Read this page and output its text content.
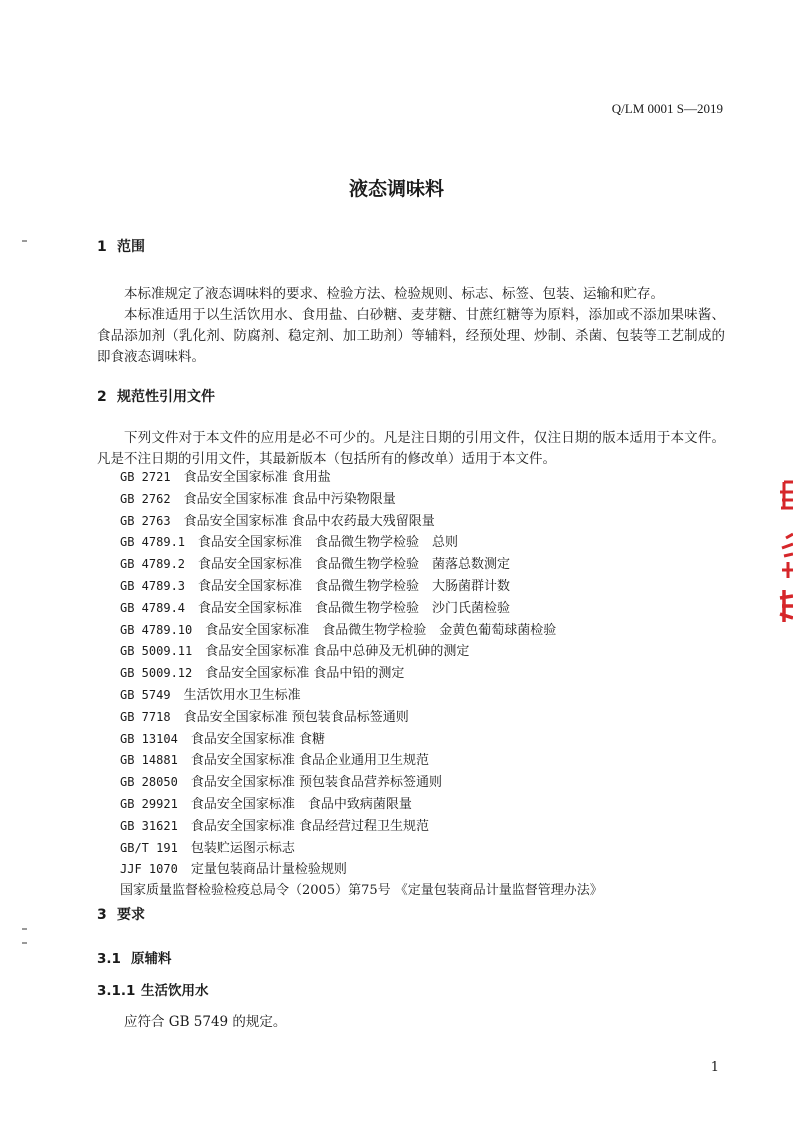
Q/LM 0001 S—2019
液态调味料
1 范围

本标准规定了液态调味料的要求、检验方法、检验规则、标志、标签、包装、运输和贮存。

本标准适用于以生活饮用水、食用盐、白砂糖、麦芽糖、甘蔗红糖等为原料，添加或不添加果味酱、食品添加剂（乳化剂、防腐剂、稳定剂、加工助剂）等辅料，经预处理、炒制、杀菌、包装等工艺制成的即食液态调味料。

2 规范性引用文件

下列文件对于本文件的应用是必不可少的。凡是注日期的引用文件，仅注日期的版本适用于本文件。凡是不注日期的引用文件，其最新版本（包括所有的修改单）适用于本文件。

GB 2721　 食品安全国家标准 食用盐
GB 2762　 食品安全国家标准 食品中污染物限量
GB 2763　 食品安全国家标准 食品中农药最大残留限量
GB 4789.1　 食品安全国家标准　食品微生物学检验　总则
GB 4789.2　 食品安全国家标准　食品微生物学检验　菌落总数测定
GB 4789.3　 食品安全国家标准　食品微生物学检验　大肠菌群计数
GB 4789.4　 食品安全国家标准　食品微生物学检验　沙门氏菌检验
GB 4789.10　 食品安全国家标准　食品微生物学检验　金黄色葡萄球菌检验
GB 5009.11　 食品安全国家标准 食品中总砷及无机砷的测定
GB 5009.12　 食品安全国家标准 食品中铅的测定
GB 5749　 生活饮用水卫生标准
GB 7718　 食品安全国家标准 预包装食品标签通则
GB 13104　 食品安全国家标准 食糖
GB 14881　 食品安全国家标准 食品企业通用卫生规范
GB 28050　 食品安全国家标准 预包装食品营养标签通则
GB 29921　 食品安全国家标准　食品中致病菌限量
GB 31621　 食品安全国家标准 食品经营过程卫生规范
GB/T 191　 包装贮运图示标志
JJF 1070　 定量包装商品计量检验规则
国家质量监督检验检疫总局令（2005）第75号 《定量包装商品计量监督管理办法》
3 要求
3.1 原辅料
3.1.1 生活饮用水

应符合 GB 5749 的规定。

1
